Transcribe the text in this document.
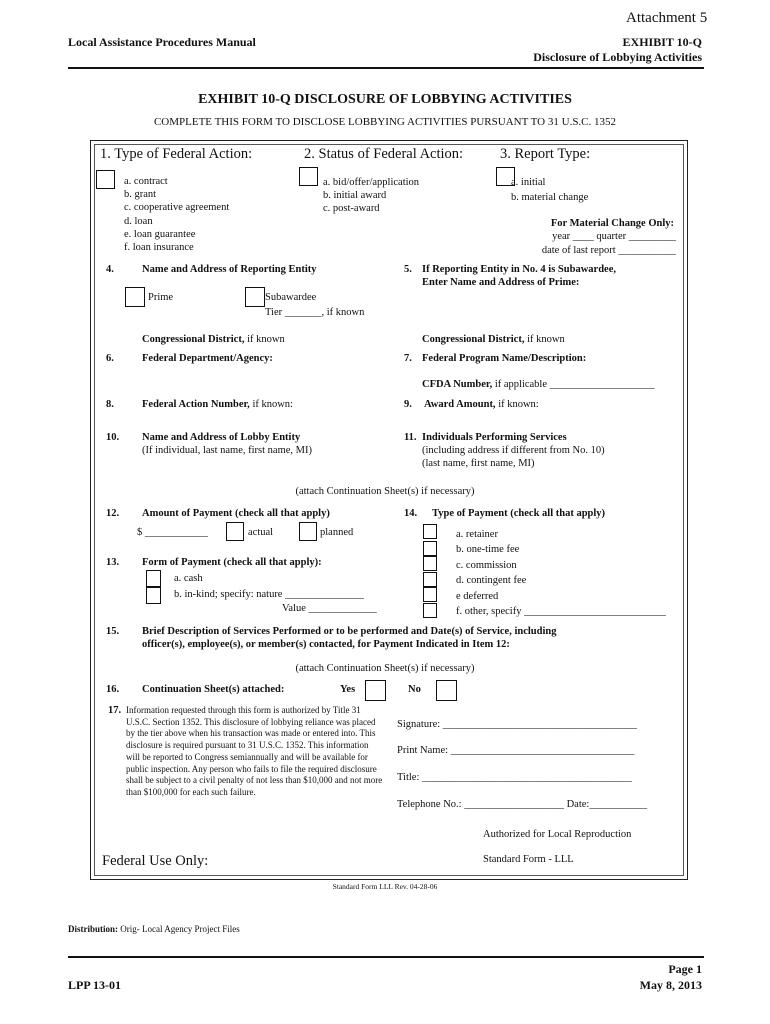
Attachment 5
Local Assistance Procedures Manual	EXHIBIT 10-Q
Disclosure of Lobbying Activities
EXHIBIT 10-Q DISCLOSURE OF LOBBYING ACTIVITIES
COMPLETE THIS FORM TO DISCLOSE LOBBYING ACTIVITIES PURSUANT TO 31 U.S.C. 1352
1. Type of Federal Action:
a. contract
b. grant
c. cooperative agreement
d. loan
e. loan guarantee
f. loan insurance
2. Status of Federal Action:
a. bid/offer/application
b. initial award
c. post-award
3. Report Type:
a. initial
b. material change
For Material Change Only:
year ____ quarter _________
date of last report ___________
4.	Name and Address of Reporting Entity
Prime	Subawardee
Tier _______, if known
5. If Reporting Entity in No. 4 is Subawardee,
Enter Name and Address of Prime:
Congressional District, if known	Congressional District, if known
6.	Federal Department/Agency:	7. Federal Program Name/Description:
CFDA Number, if applicable ____________________
8.	Federal Action Number, if known:	9. Award Amount, if known:
10. Name and Address of Lobby Entity
(If individual, last name, first name, MI)
11. Individuals Performing Services
(including address if different from No. 10)
(last name, first name, MI)
(attach Continuation Sheet(s) if necessary)
12. Amount of Payment (check all that apply)
$ ____________	actual	planned
13. Form of Payment (check all that apply):
a. cash
b. in-kind; specify: nature _______________
Value _____________
14. Type of Payment (check all that apply)
a. retainer
b. one-time fee
c. commission
d. contingent fee
e deferred
f. other, specify ___________________________
15. Brief Description of Services Performed or to be performed and Date(s) of Service, including
officer(s), employee(s), or member(s) contacted, for Payment Indicated in Item 12:
(attach Continuation Sheet(s) if necessary)
16. Continuation Sheet(s) attached:	Yes	No
17. Information requested through this form is authorized by Title 31 U.S.C. Section 1352. This disclosure of lobbying reliance was placed by the tier above when his transaction was made or entered into. This disclosure is required pursuant to 31 U.S.C. 1352. This information will be reported to Congress semiannually and will be available for public inspection. Any person who fails to file the required disclosure shall be subject to a civil penalty of not less than $10,000 and not more than $100,000 for each such failure.
Signature: _____________________________________
Print Name: ___________________________________
Title: ________________________________________
Telephone No.: ___________________ Date:___________
Authorized for Local Reproduction
Federal Use Only:	Standard Form - LLL
Standard Form LLL Rev. 04-28-06
Distribution: Orig- Local Agency Project Files
LPP 13-01
Page 1
May 8, 2013
